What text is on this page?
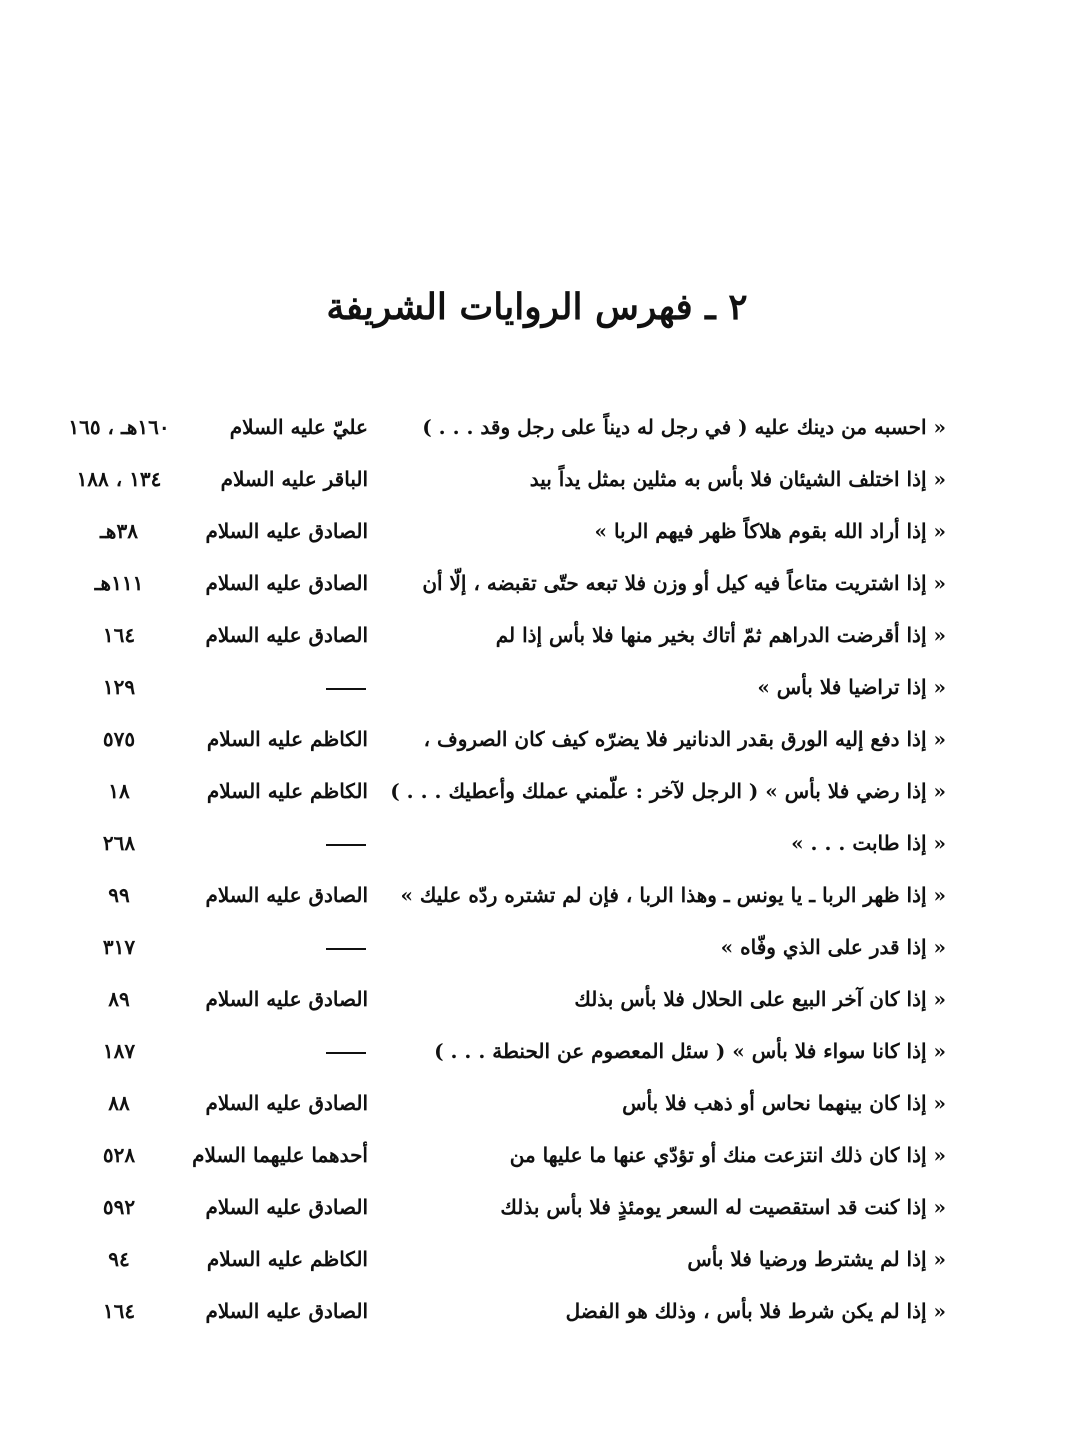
٢ ـ فهرس الروايات الشريفة
« احسبه من دينك عليه ( في رجل له ديناً على رجل وقد . . . )
عليّ عليه السلام
١٦٠هـ ، ١٦٥
« إذا اختلف الشيئان فلا بأس به مثلين بمثل يداً بيد
الباقر عليه السلام
١٣٤ ، ١٨٨
« إذا أراد الله بقوم هلاكاً ظهر فيهم الربا »
الصادق عليه السلام
٣٨هـ
« إذا اشتريت متاعاً فيه كيل أو وزن فلا تبعه حتّى تقبضه ، إلّا أن
الصادق عليه السلام
١١١هـ
« إذا أقرضت الدراهم ثمّ أتاك بخير منها فلا بأس إذا لم
الصادق عليه السلام
١٦٤
« إذا تراضيا فلا بأس »
١٢٩
« إذا دفع إليه الورق بقدر الدنانير فلا يضرّه كيف كان الصروف ،
الكاظم عليه السلام
٥٧٥
« إذا رضي فلا بأس » ( الرجل لآخر : علّمني عملك وأعطيك . . . )
الكاظم عليه السلام
١٨
« إذا طابت . . . »
٢٦٨
« إذا ظهر الربا ـ يا يونس ـ وهذا الربا ، فإن لم تشتره ردّه عليك »
الصادق عليه السلام
٩٩
« إذا قدر على الذي وفّاه »
٣١٧
« إذا كان آخر البيع على الحلال فلا بأس بذلك
الصادق عليه السلام
٨٩
« إذا كانا سواء فلا بأس » ( سئل المعصوم عن الحنطة . . . )
١٨٧
« إذا كان بينهما نحاس أو ذهب فلا بأس
الصادق عليه السلام
٨٨
« إذا كان ذلك انتزعت منك أو تؤدّي عنها ما عليها من
أحدهما عليهما السلام
٥٢٨
« إذا كنت قد استقصيت له السعر يومئذٍ فلا بأس بذلك
الصادق عليه السلام
٥٩٢
« إذا لم يشترط ورضيا فلا بأس
الكاظم عليه السلام
٩٤
« إذا لم يكن شرط فلا بأس ، وذلك هو الفضل
الصادق عليه السلام
١٦٤
